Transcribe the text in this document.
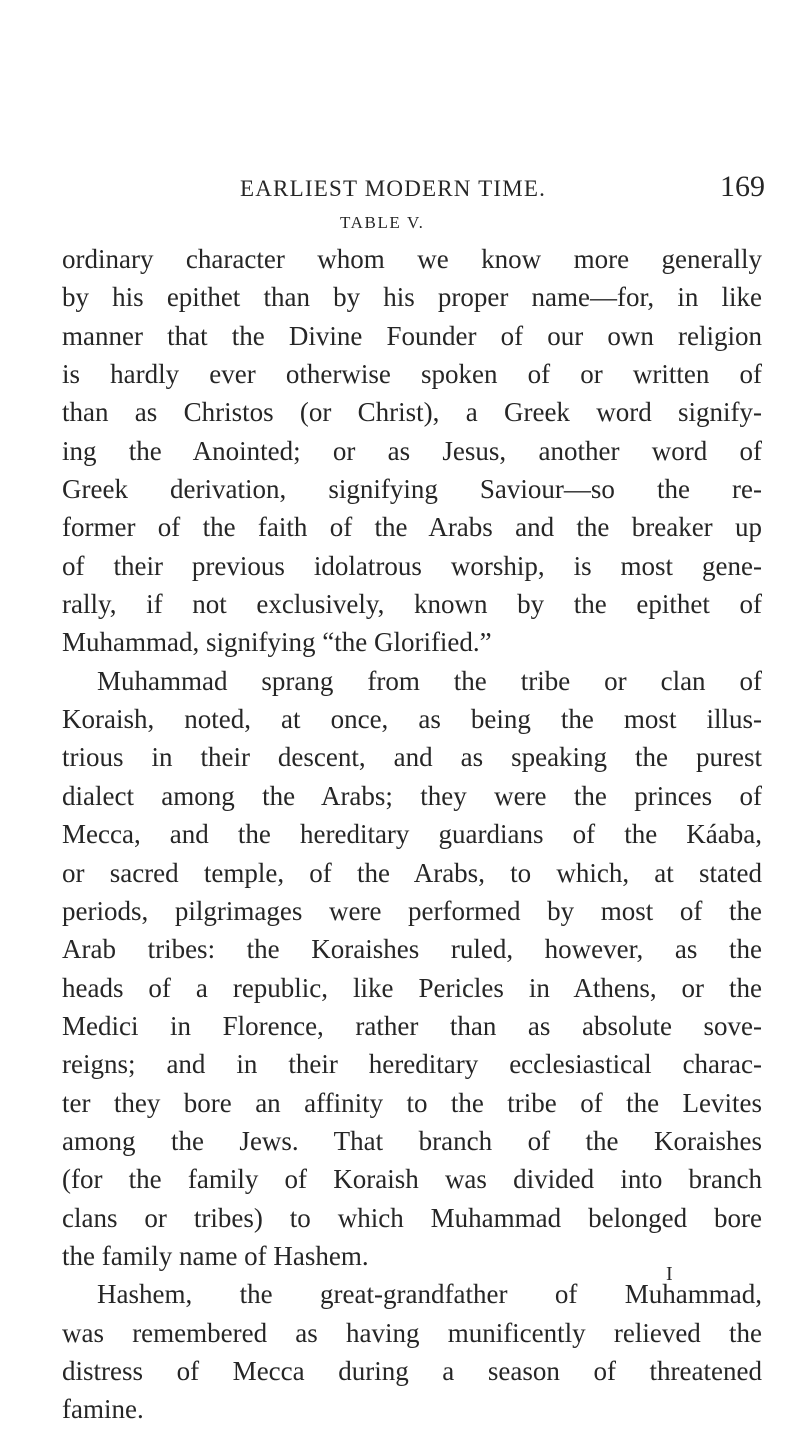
EARLIEST MODERN TIME.	169
TABLE V.
ordinary character whom we know more generally
by his epithet than by his proper name—for, in like
manner that the Divine Founder of our own religion
is hardly ever otherwise spoken of or written of
than as Christos (or Christ), a Greek word signify-
ing the Anointed; or as Jesus, another word of
Greek derivation, signifying Saviour—so the re-
former of the faith of the Arabs and the breaker up
of their previous idolatrous worship, is most gene-
rally, if not exclusively, known by the epithet of
Muhammad, signifying “the Glorified.”
Muhammad sprang from the tribe or clan of
Koraish, noted, at once, as being the most illus-
trious in their descent, and as speaking the purest
dialect among the Arabs; they were the princes of
Mecca, and the hereditary guardians of the Káaba,
or sacred temple, of the Arabs, to which, at stated
periods, pilgrimages were performed by most of the
Arab tribes: the Koraishes ruled, however, as the
heads of a republic, like Pericles in Athens, or the
Medici in Florence, rather than as absolute sove-
reigns; and in their hereditary ecclesiastical charac-
ter they bore an affinity to the tribe of the Levites
among the Jews. That branch of the Koraishes
(for the family of Koraish was divided into branch
clans or tribes) to which Muhammad belonged bore
the family name of Hashem.
Hashem, the great-grandfather of Muhammad,
was remembered as having munificently relieved the
distress of Mecca during a season of threatened
famine.
I
